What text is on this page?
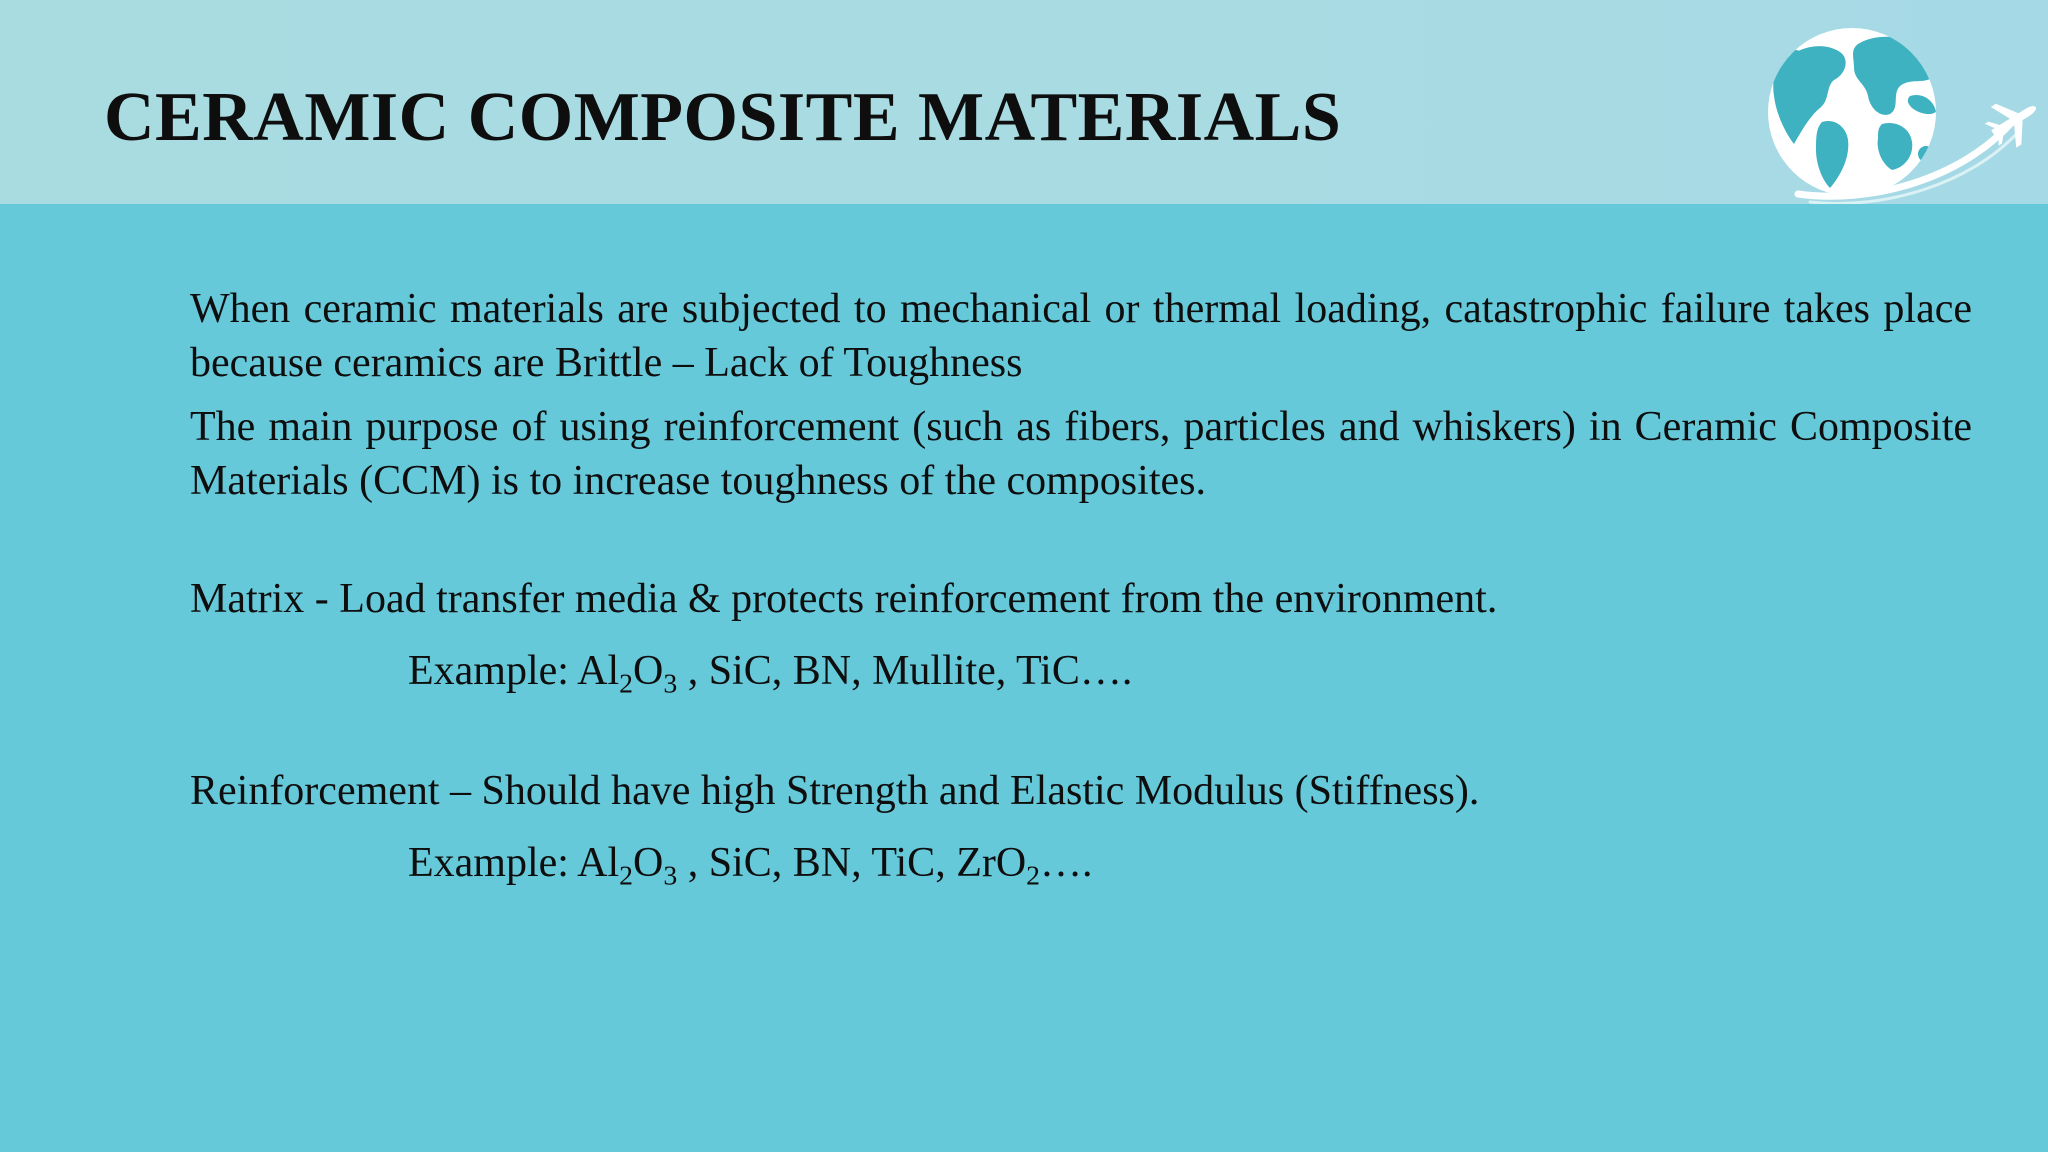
CERAMIC COMPOSITE MATERIALS

When ceramic materials are subjected to mechanical or thermal loading, catastrophic failure takes place because ceramics are Brittle – Lack of Toughness

The main purpose of using reinforcement (such as fibers, particles and whiskers) in Ceramic Composite Materials (CCM) is to increase toughness of the composites.

Matrix - Load transfer media & protects reinforcement from the environment.

Example: $Al_2O_3$ , SiC, BN, Mullite, TiC….

Reinforcement – Should have high Strength and Elastic Modulus (Stiffness).

Example: $Al_2O_3$ , SiC, BN, TiC, ZrO$_2$….
